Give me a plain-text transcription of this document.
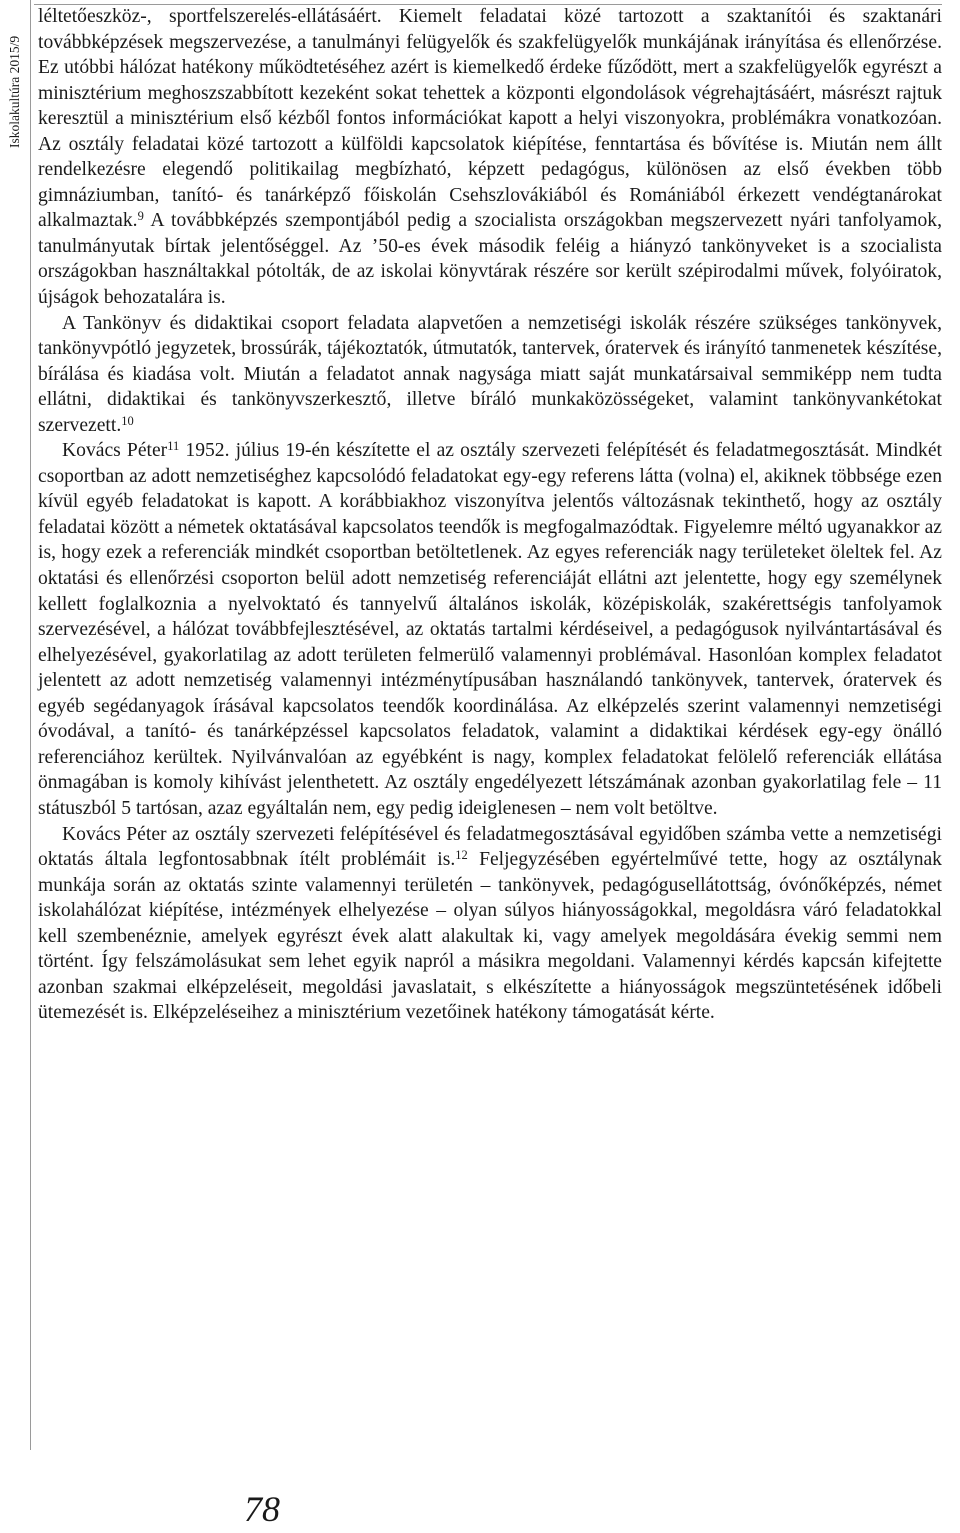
Iskolakultúra 2015/9

léltetőeszköz-, sportfelszerelés-ellátásáért. Kiemelt feladatai közé tartozott a szaktanítói és szaktanári továbbképzések megszervezése, a tanulmányi felügyelők és szakfelügyelők munkájának irányítása és ellenőrzése. Ez utóbbi hálózat hatékony működtetéséhez azért is kiemelkedő érdeke fűződött, mert a szakfelügyelők egyrészt a minisztérium meghoszszabbított kezeként sokat tehettek a központi elgondolások végrehajtásáért, másrészt rajtuk keresztül a minisztérium első kézből fontos információkat kapott a helyi viszonyokra, problémákra vonatkozóan. Az osztály feladatai közé tartozott a külföldi kapcsolatok kiépítése, fenntartása és bővítése is. Miután nem állt rendelkezésre elegendő politikailag megbízható, képzett pedagógus, különösen az első években több gimnáziumban, tanító- és tanárképző főiskolán Csehszlovákiából és Romániából érkezett vendégtanárokat alkalmaztak.$^9$ A továbbképzés szempontjából pedig a szocialista országokban megszervezett nyári tanfolyamok, tanulmányutak bírtak jelentőséggel. Az ’50-es évek második feléig a hiányzó tankönyveket is a szocialista országokban használtakkal pótolták, de az iskolai könyvtárak részére sor került szépirodalmi művek, folyóiratok, újságok behozatalára is.

A Tankönyv és didaktikai csoport feladata alapvetően a nemzetiségi iskolák részére szükséges tankönyvek, tankönyvpótló jegyzetek, brossúrák, tájékoztatók, útmutatók, tantervek, óratervek és irányító tanmenetek készítése, bírálása és kiadása volt. Miután a feladatot annak nagysága miatt saját munkatársaival semmiképp nem tudta ellátni, didaktikai és tankönyvszerkesztő, illetve bíráló munkaközösségeket, valamint tankönyvankétokat szervezett.$^{10}$

Kovács Péter$^{11}$ 1952. július 19-én készítette el az osztály szervezeti felépítését és feladatmegosztását. Mindkét csoportban az adott nemzetiséghez kapcsolódó feladatokat egy-egy referens látta (volna) el, akiknek többsége ezen kívül egyéb feladatokat is kapott. A korábbiakhoz viszonyítva jelentős változásnak tekinthető, hogy az osztály feladatai között a németek oktatásával kapcsolatos teendők is megfogalmazódtak. Figyelemre méltó ugyanakkor az is, hogy ezek a referenciák mindkét csoportban betöltetlenek. Az egyes referenciák nagy területeket öleltek fel. Az oktatási és ellenőrzési csoporton belül adott nemzetiség referenciáját ellátni azt jelentette, hogy egy személynek kellett foglalkoznia a nyelvoktató és tannyelvű általános iskolák, középiskolák, szakérettségis tanfolyamok szervezésével, a hálózat továbbfejlesztésével, az oktatás tartalmi kérdéseivel, a pedagógusok nyilvántartásával és elhelyezésével, gyakorlatilag az adott területen felmerülő valamennyi problémával. Hasonlóan komplex feladatot jelentett az adott nemzetiség valamennyi intézménytípusában használandó tankönyvek, tantervek, óratervek és egyéb segédanyagok írásával kapcsolatos teendők koordinálása. Az elképzelés szerint valamennyi nemzetiségi óvodával, a tanító- és tanárképzéssel kapcsolatos feladatok, valamint a didaktikai kérdések egy-egy önálló referenciához kerültek. Nyilvánvalóan az egyébként is nagy, komplex feladatokat felölelő referenciák ellátása önmagában is komoly kihívást jelenthetett. Az osztály engedélyezett létszámának azonban gyakorlatilag fele – 11 státuszból 5 tartósan, azaz egyáltalán nem, egy pedig ideiglenesen – nem volt betöltve.

Kovács Péter az osztály szervezeti felépítésével és feladatmegosztásával egyidőben számba vette a nemzetiségi oktatás általa legfontosabbnak ítélt problémáit is.$^{12}$ Feljegyzésében egyértelművé tette, hogy az osztálynak munkája során az oktatás szinte valamennyi területén – tankönyvek, pedagógusellátottság, óvónőképzés, német iskolahálózat kiépítése, intézmények elhelyezése – olyan súlyos hiányosságokkal, megoldásra váró feladatokkal kell szembenéznie, amelyek egyrészt évek alatt alakultak ki, vagy amelyek megoldására évekig semmi nem történt. Így felszámolásukat sem lehet egyik napról a másikra megoldani. Valamennyi kérdés kapcsán kifejtette azonban szakmai elképzeléseit, megoldási javaslatait, s elkészítette a hiányosságok megszüntetésének időbeli ütemezését is. Elképzeléseihez a minisztérium vezetőinek hatékony támogatását kérte.

78
